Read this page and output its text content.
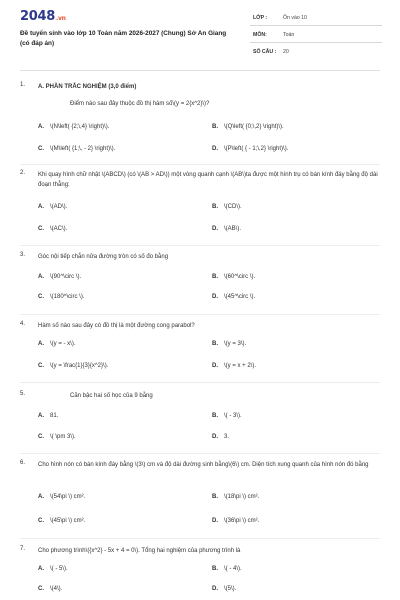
2048.vn
Đề tuyển sinh vào lớp 10 Toán năm 2026-2027 (Chung) Sở An Giang (có đáp án)
LỚP :	Ôn vào 10
MÔN:	Toán
SỐ CÂU : 20
1. A. PHẦN TRẮC NGHIỆM (3,0 điểm)
Điểm nào sau đây thuộc đồ thị hàm số\(y = 2{x^2}\)?
A. \(N\left( {2;\,4} \right)\).	B. \(Q\left( {0;\,2} \right)\).
C. \(M\left( {1;\, - 2} \right)\).	D. \(P\left( { - 1;\,2} \right)\).
2. Khi quay hình chữ nhật \(ABCD\) (có \(AB > AD\)) một vòng quanh cạnh \(AB\)ta được một hình trụ có bán kính đáy bằng độ dài đoạn thẳng:
A. \(AD\).	B. \(CD\).
C. \(AC\).	D. \(AB\).
3. Góc nội tiếp chắn nửa đường tròn có số đo bằng
A. \(90^\circ \).	B. \(60^\circ \).
C. \(180^\circ \).	D. \(45^\circ \).
4. Hàm số nào sau đây có đồ thị là một đường cong parabol?
A. \(y = - x\).	B. \(y = 3\).
C. \(y = \frac{1}{3}{x^2}\).	D. \(y = x + 2\).
5.	Căn bậc hai số học của 9 bằng
A. 81.	B. \( - 3\).
C. \( \pm 3\).	D. 3.
6. Cho hình nón có bán kính đáy bằng \(3\) cm và độ dài đường sinh bằng\(6\) cm. Diện tích xung quanh của hình nón đó bằng
A. \(54\pi \) cm².	B. \(18\pi \) cm².
C. \(45\pi \) cm².	D. \(36\pi \) cm².
7. Cho phương trình\({x^2} - 5x + 4 = 0\). Tổng hai nghiệm của phương trình là
A. \( - 5\).	B. \( - 4\).
C. \(4\).	D. \(5\).
